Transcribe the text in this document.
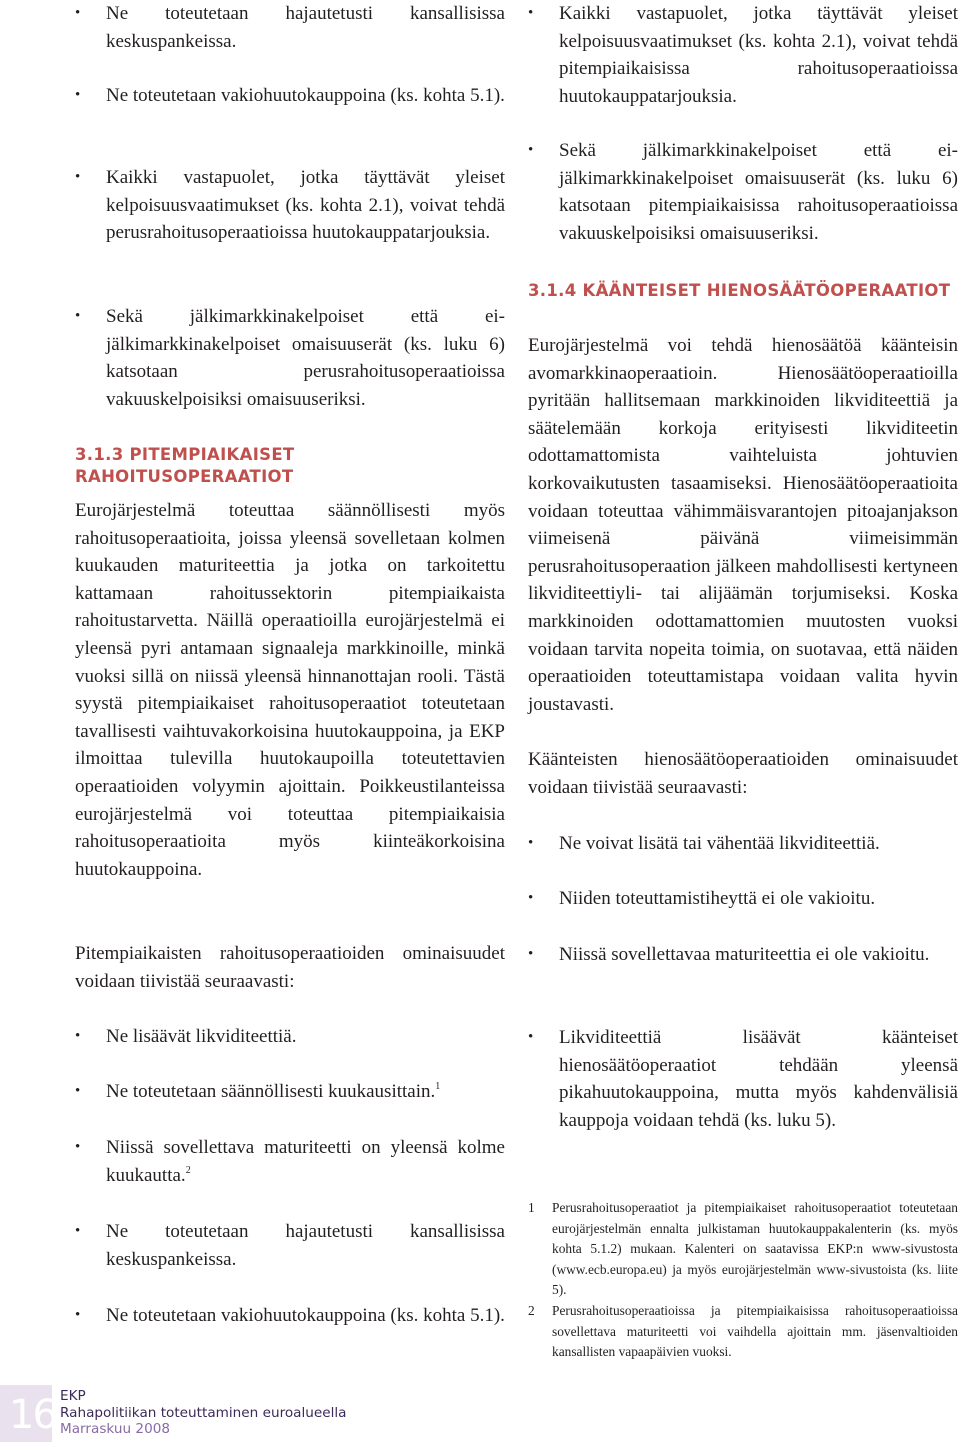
• Ne toteutetaan hajautetusti kansallisissa keskuspankeissa.
• Ne toteutetaan vakiohuutokauppoina (ks. kohta 5.1).
• Kaikki vastapuolet, jotka täyttävät yleiset kelpoisuusvaatimukset (ks. kohta 2.1), voivat tehdä perusrahoitusoperaatioissa huutokauppatarjouksia.
• Sekä jälkimarkkinakelpoiset että ei-jälkimarkkinakelpoiset omaisuuserät (ks. luku 6) katsotaan perusrahoitusoperaatioissa vakuuskelpoisiksi omaisuuseriksi.
3.1.3 PITEMPIAIKAISET RAHOITUSOPERAATIOT

Eurojärjestelmä toteuttaa säännöllisesti myös rahoitusoperaatioita, joissa yleensä sovelletaan kolmen kuukauden maturiteettia ja jotka on tarkoitettu kattamaan rahoitussektorin pitempiaikaista rahoitustarvetta. Näillä operaatioilla eurojärjestelmä ei yleensä pyri antamaan signaaleja markkinoille, minkä vuoksi sillä on niissä yleensä hinnanottajan rooli. Tästä syystä pitempiaikaiset rahoitusoperaatiot toteutetaan tavallisesti vaihtuvakorkoisina huutokauppoina, ja EKP ilmoittaa tulevilla huutokaupoilla toteutettavien operaatioiden volyymin ajoittain. Poikkeustilanteissa eurojärjestelmä voi toteuttaa pitempiaikaisia rahoitusoperaatioita myös kiinteäkorkoisina huutokauppoina.

Pitempiaikaisten rahoitusoperaatioiden ominaisuudet voidaan tiivistää seuraavasti:

• Ne lisäävät likviditeettiä.
• Ne toteutetaan säännöllisesti kuukausittain.$^1$
• Niissä sovellettava maturiteetti on yleensä kolme kuukautta.$^2$
• Ne toteutetaan hajautetusti kansallisissa keskuspankeissa.
• Ne toteutetaan vakiohuutokauppoina (ks. kohta 5.1).
• Kaikki vastapuolet, jotka täyttävät yleiset kelpoisuusvaatimukset (ks. kohta 2.1), voivat tehdä pitempiaikaisissa rahoitusoperaatioissa huutokauppatarjouksia.
• Sekä jälkimarkkinakelpoiset että ei-jälkimarkkinakelpoiset omaisuuserät (ks. luku 6) katsotaan pitempiaikaisissa rahoitusoperaatioissa vakuuskelpoisiksi omaisuuseriksi.
3.1.4 KÄÄNTEISET HIENOSÄÄTÖOPERAATIOT

Eurojärjestelmä voi tehdä hienosäätöä käänteisin avomarkkinaoperaatioin. Hienosäätöoperaatioilla pyritään hallitsemaan markkinoiden likviditeettiä ja säätelemään korkoja erityisesti likviditeetin odottamattomista vaihteluista johtuvien korkovaikutusten tasaamiseksi. Hienosäätöoperaatioita voidaan toteuttaa vähimmäisvarantojen pitoajanjakson viimeisenä päivänä viimeisimmän perusrahoitusoperaation jälkeen mahdollisesti kertyneen likviditeettiyli- tai alijäämän torjumiseksi. Koska markkinoiden odottamattomien muutosten vuoksi voidaan tarvita nopeita toimia, on suotavaa, että näiden operaatioiden toteuttamistapa voidaan valita hyvin joustavasti.

Käänteisten hienosäätöoperaatioiden ominaisuudet voidaan tiivistää seuraavasti:

• Ne voivat lisätä tai vähentää likviditeettiä.
• Niiden toteuttamistiheyttä ei ole vakioitu.
• Niissä sovellettavaa maturiteettia ei ole vakioitu.
• Likviditeettiä lisäävät käänteiset hienosäätöoperaatiot tehdään yleensä pikahuutokauppoina, mutta myös kahdenvälisiä kauppoja voidaan tehdä (ks. luku 5).

1 Perusrahoitusoperaatiot ja pitempiaikaiset rahoitusoperaatiot toteutetaan eurojärjestelmän ennalta julkistaman huutokauppakalenterin (ks. myös kohta 5.1.2) mukaan. Kalenteri on saatavissa EKP:n www-sivustosta (www.ecb.europa.eu) ja myös eurojärjestelmän www-sivustoista (ks. liite 5).

2 Perusrahoitusoperaatioissa ja pitempiaikaisissa rahoitusoperaatioissa sovellettava maturiteetti voi vaihdella ajoittain mm. jäsenvaltioiden kansallisten vapaapäivien vuoksi.

16 EKP
Rahapolitiikan toteuttaminen euroalueella
Marraskuu 2008
